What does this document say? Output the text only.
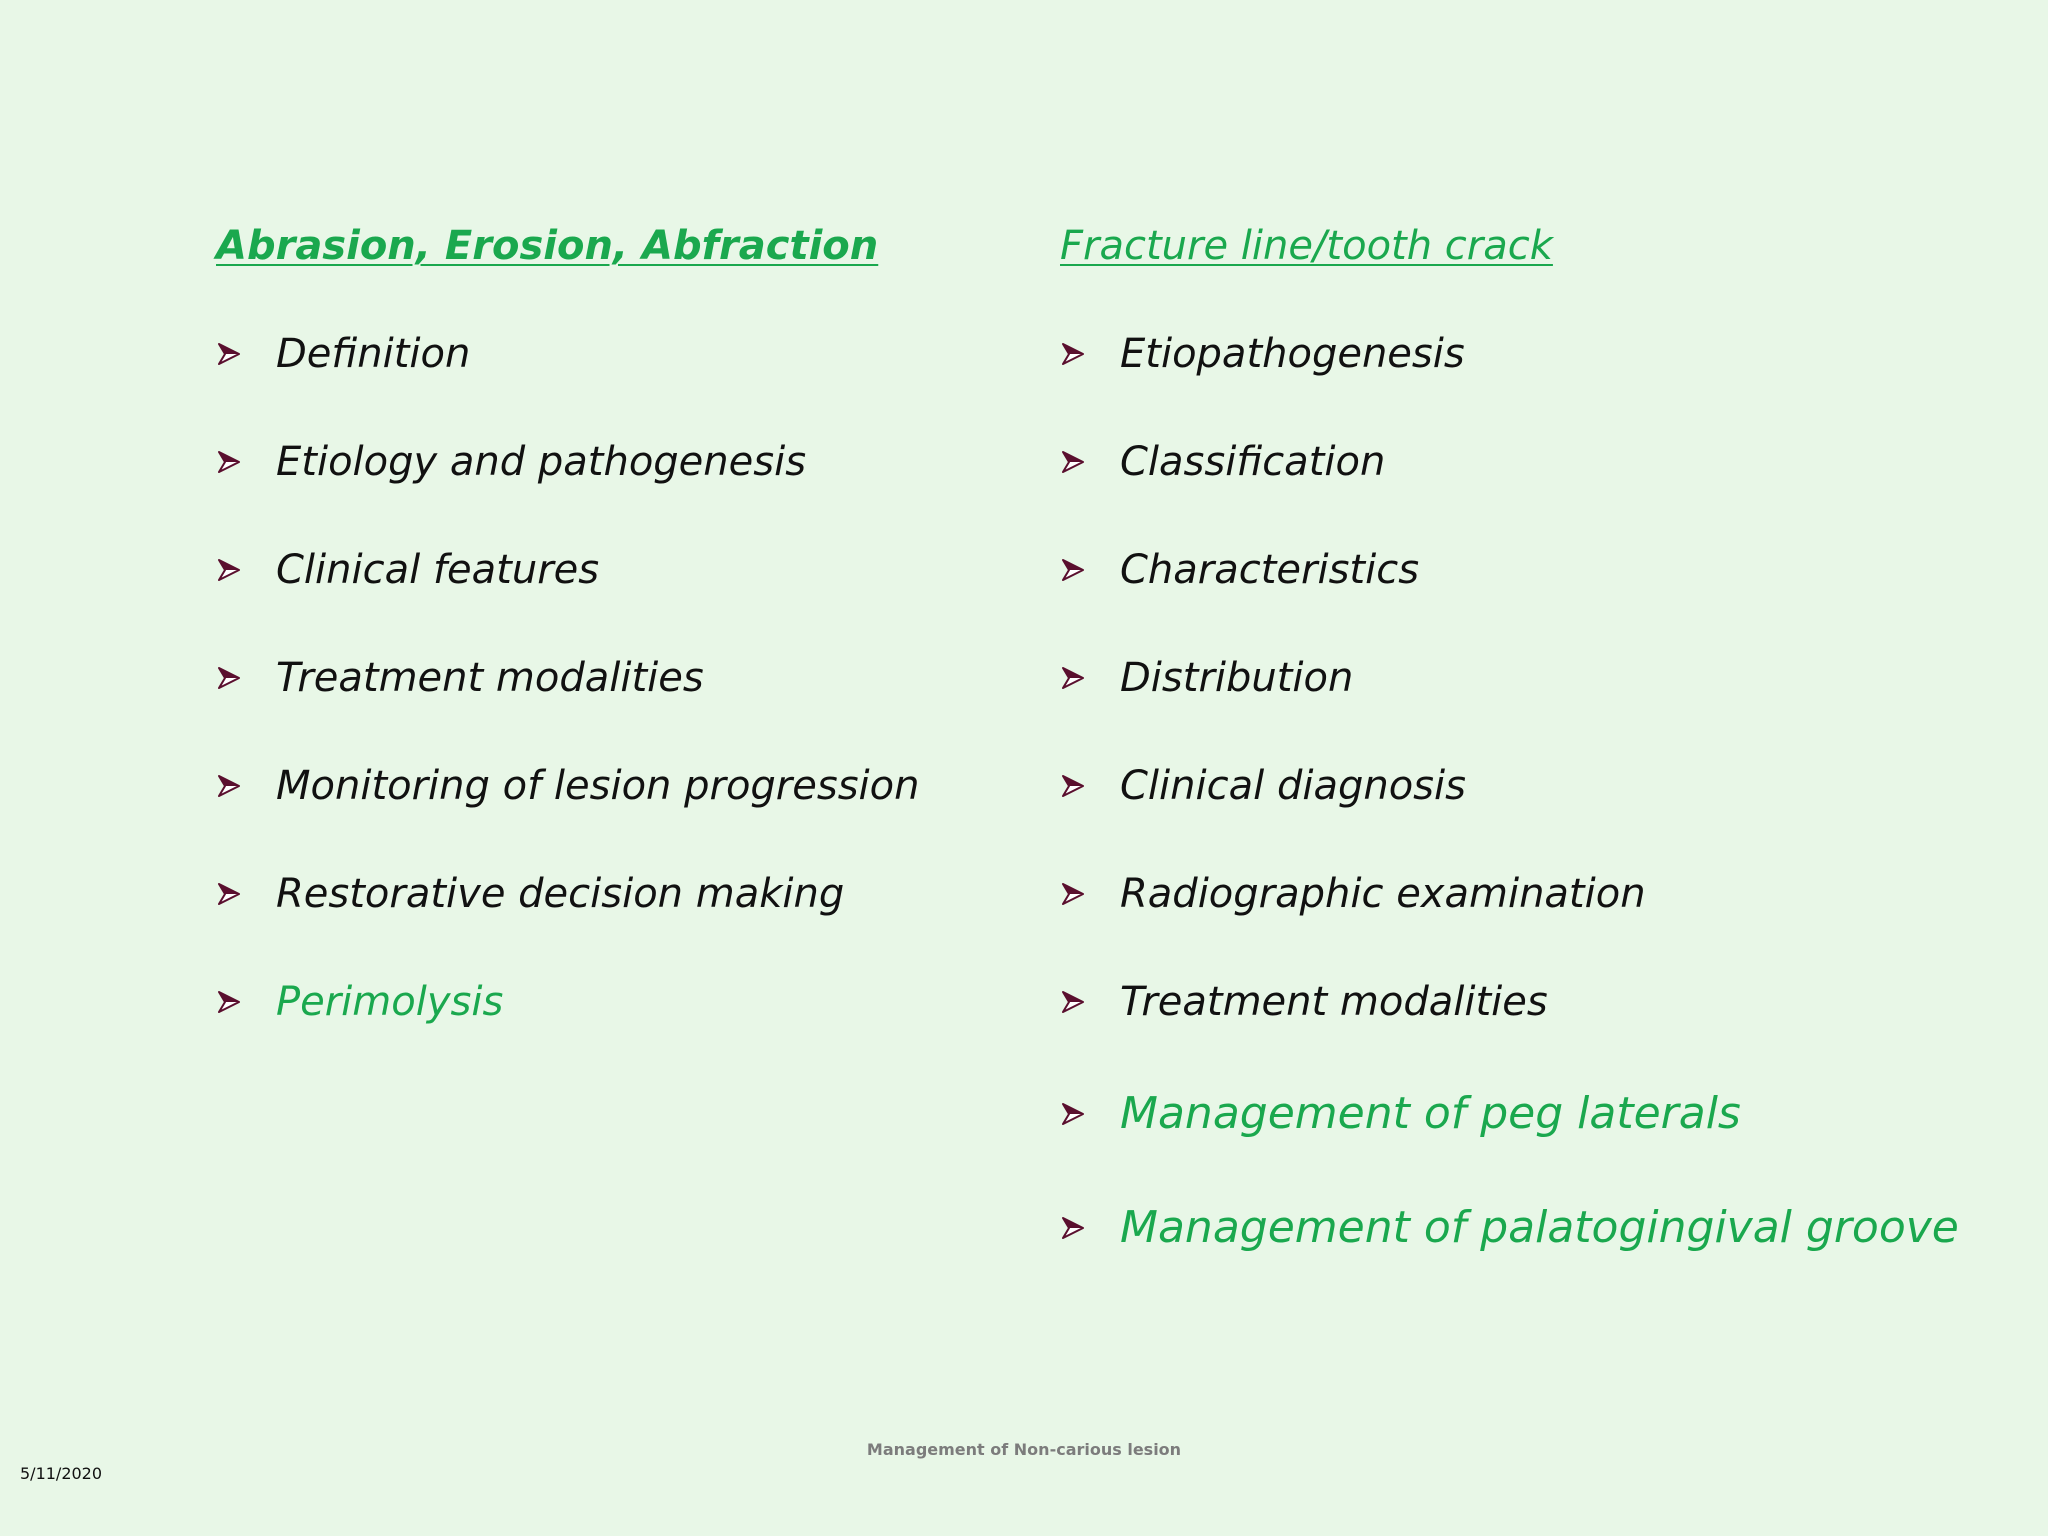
Abrasion, Erosion, Abfraction
Definition
Etiology and pathogenesis
Clinical features
Treatment modalities
Monitoring of lesion progression
Restorative decision making
Perimolysis
Fracture line/tooth crack
Etiopathogenesis
Classification
Characteristics
Distribution
Clinical diagnosis
Radiographic examination
Treatment modalities
Management of peg laterals
Management of palatogingival groove
Management of Non-carious lesion
5/11/2020
